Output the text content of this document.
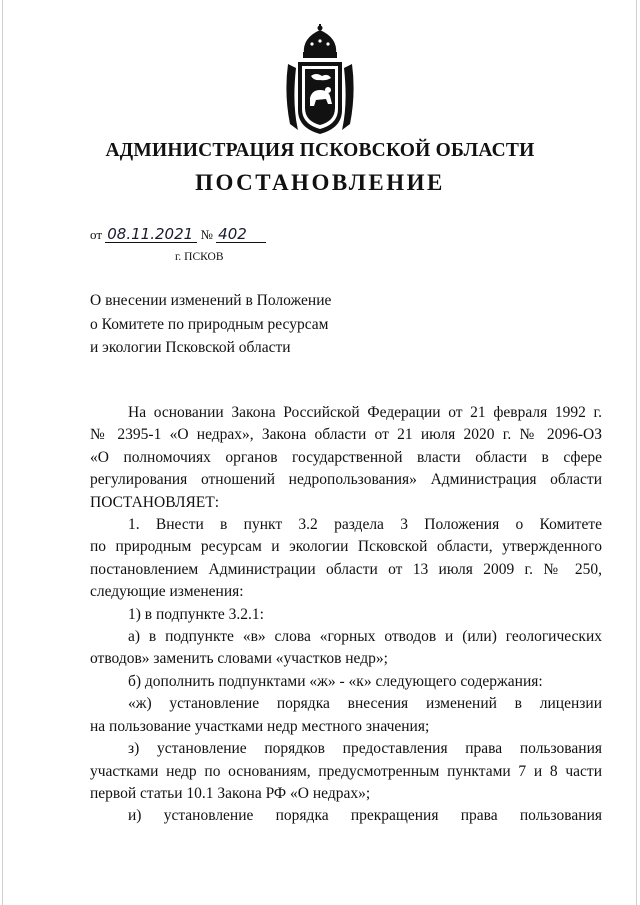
АДМИНИСТРАЦИЯ ПСКОВСКОЙ ОБЛАСТИ
ПОСТАНОВЛЕНИЕ
от 08.11.2021 № 402
г. ПСКОВ
О внесении изменений в Положение
о Комитете по природным ресурсам
и экологии Псковской области
На основании Закона Российской Федерации от 21 февраля 1992 г.
№ 2395-1 «О недрах», Закона области от 21 июля 2020 г. № 2096-ОЗ
«О полномочиях органов государственной власти области в сфере
регулирования отношений недропользования» Администрация области
ПОСТАНОВЛЯЕТ:
1. Внести в пункт 3.2 раздела 3 Положения о Комитете
по природным ресурсам и экологии Псковской области, утвержденного
постановлением Администрации области от 13 июля 2009 г. № 250,
следующие изменения:
1) в подпункте 3.2.1:
а) в подпункте «в» слова «горных отводов и (или) геологических
отводов» заменить словами «участков недр»;
б) дополнить подпунктами «ж» - «к» следующего содержания:
«ж) установление порядка внесения изменений в лицензии
на пользование участками недр местного значения;
з) установление порядков предоставления права пользования
участками недр по основаниям, предусмотренным пунктами 7 и 8 части
первой статьи 10.1 Закона РФ «О недрах»;
и) установление порядка прекращения права пользования
